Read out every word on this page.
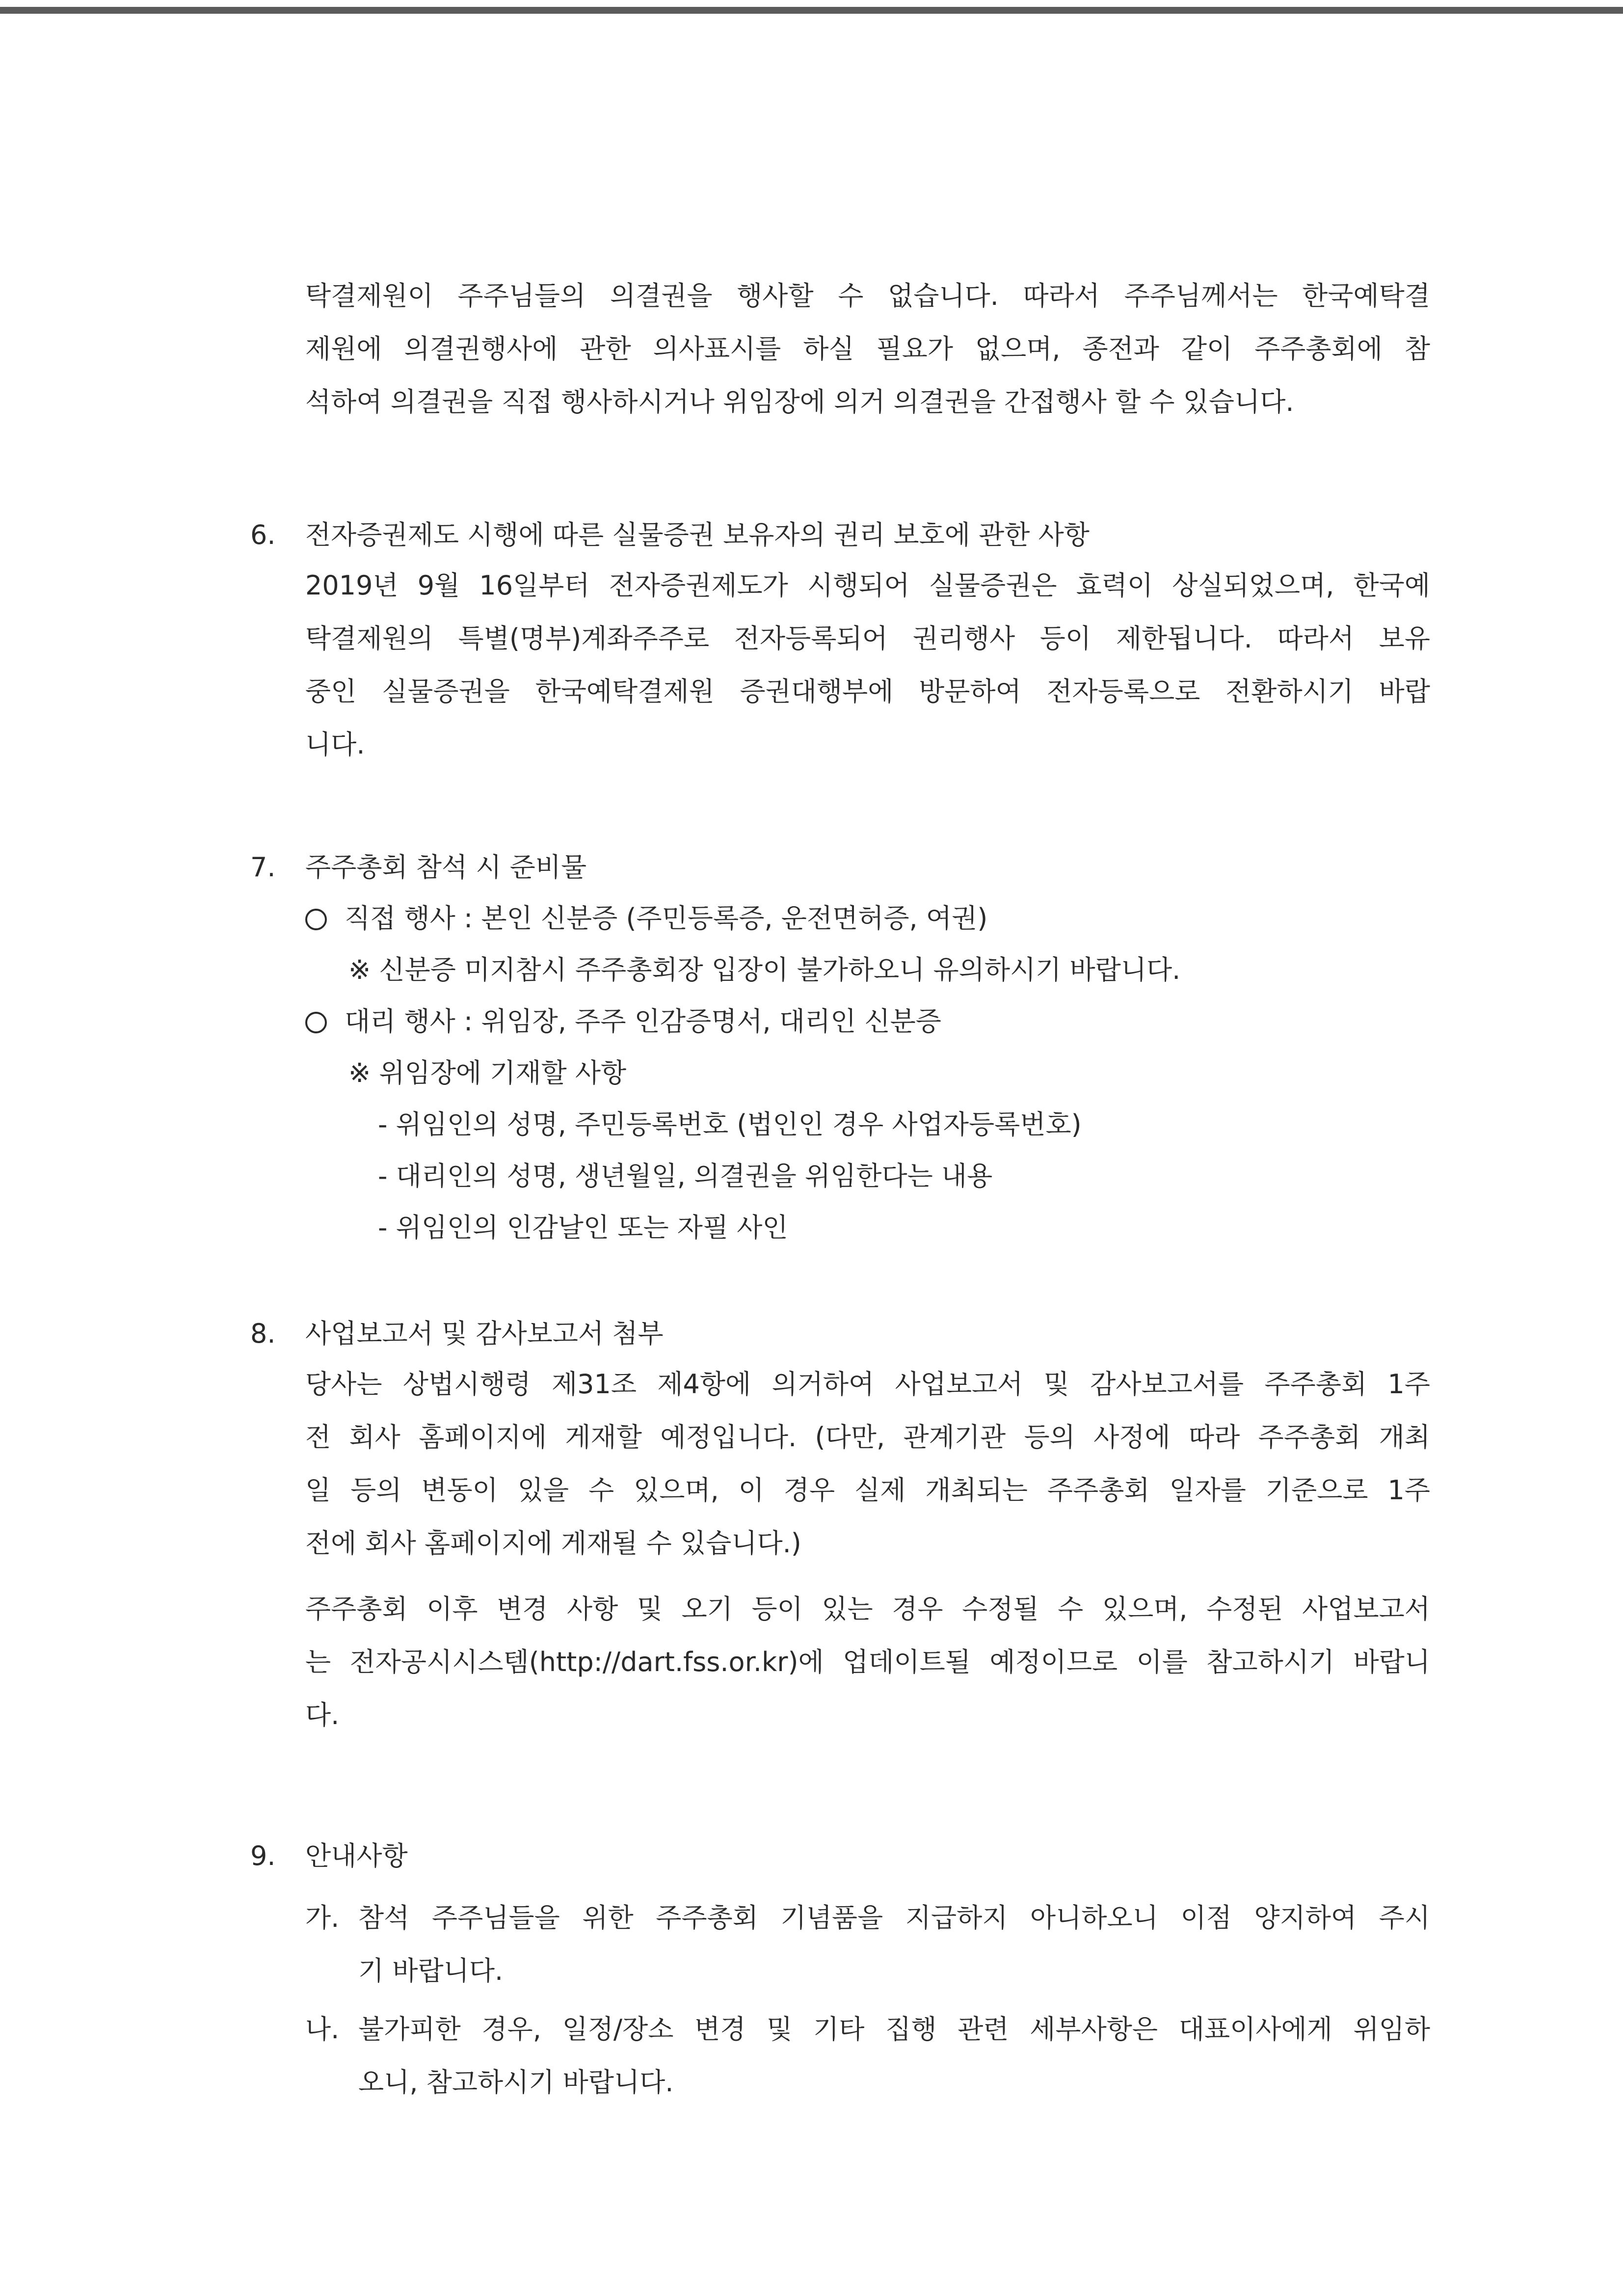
탁결제원이 주주님들의 의결권을 행사할 수 없습니다. 따라서 주주님께서는 한국예탁결
제원에 의결권행사에 관한 의사표시를 하실 필요가 없으며, 종전과 같이 주주총회에 참
석하여 의결권을 직접 행사하시거나 위임장에 의거 의결권을 간접행사 할 수 있습니다.
6. 전자증권제도 시행에 따른 실물증권 보유자의 권리 보호에 관한 사항
2019년 9월 16일부터 전자증권제도가 시행되어 실물증권은 효력이 상실되었으며, 한국예
탁결제원의 특별(명부)계좌주주로 전자등록되어 권리행사 등이 제한됩니다. 따라서 보유
중인 실물증권을 한국예탁결제원 증권대행부에 방문하여 전자등록으로 전환하시기 바랍
니다.
7. 주주총회 참석 시 준비물
직접 행사 : 본인 신분증 (주민등록증, 운전면허증, 여권)
※ 신분증 미지참시 주주총회장 입장이 불가하오니 유의하시기 바랍니다.
대리 행사 : 위임장, 주주 인감증명서, 대리인 신분증
※ 위임장에 기재할 사항
- 위임인의 성명, 주민등록번호 (법인인 경우 사업자등록번호)
- 대리인의 성명, 생년월일, 의결권을 위임한다는 내용
- 위임인의 인감날인 또는 자필 사인
8. 사업보고서 및 감사보고서 첨부
당사는 상법시행령 제31조 제4항에 의거하여 사업보고서 및 감사보고서를 주주총회 1주
전 회사 홈페이지에 게재할 예정입니다. (다만, 관계기관 등의 사정에 따라 주주총회 개최
일 등의 변동이 있을 수 있으며, 이 경우 실제 개최되는 주주총회 일자를 기준으로 1주
전에 회사 홈페이지에 게재될 수 있습니다.)
주주총회 이후 변경 사항 및 오기 등이 있는 경우 수정될 수 있으며, 수정된 사업보고서
는 전자공시시스템(http://dart.fss.or.kr)에 업데이트될 예정이므로 이를 참고하시기 바랍니
다.
9. 안내사항
가. 참석 주주님들을 위한 주주총회 기념품을 지급하지 아니하오니 이점 양지하여 주시
기 바랍니다.
나. 불가피한 경우, 일정/장소 변경 및 기타 집행 관련 세부사항은 대표이사에게 위임하
오니, 참고하시기 바랍니다.
